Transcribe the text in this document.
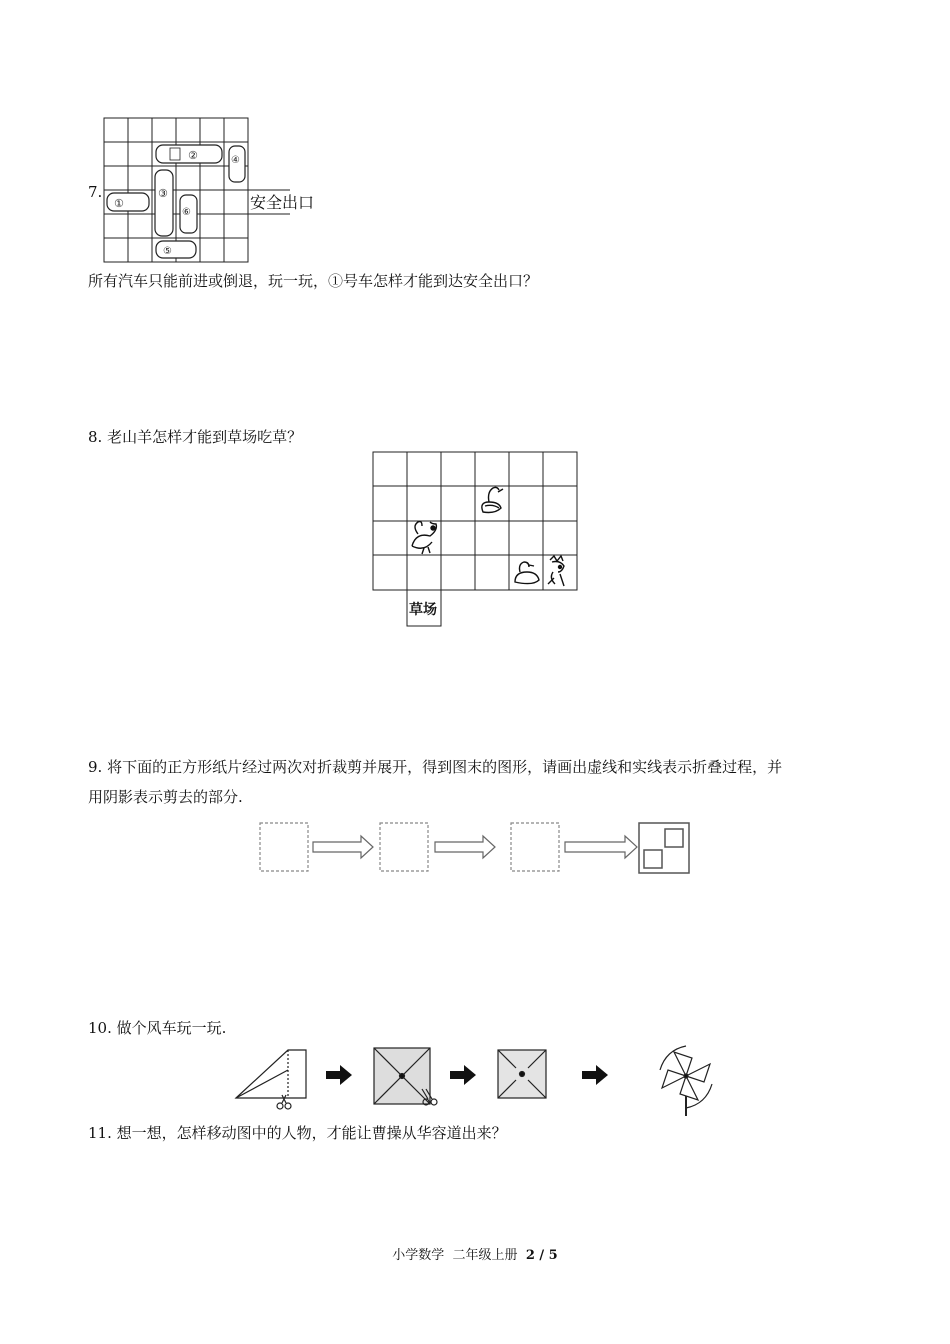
7.
安全出口
②	④
①
③
⑥
⑤
所有汽车只能前进或倒退，玩一玩，①号车怎样才能到达安全出口？
8. 老山羊怎样才能到草场吃草？
草场
9. 将下面的正方形纸片经过两次对折裁剪并展开，得到图末的图形，请画出虚线和实线表示折叠过程，并
用阴影表示剪去的部分.
10. 做个风车玩一玩.
11. 想一想，怎样移动图中的人物，才能让曹操从华容道出来？
小学数学  二年级上册  2 / 5
